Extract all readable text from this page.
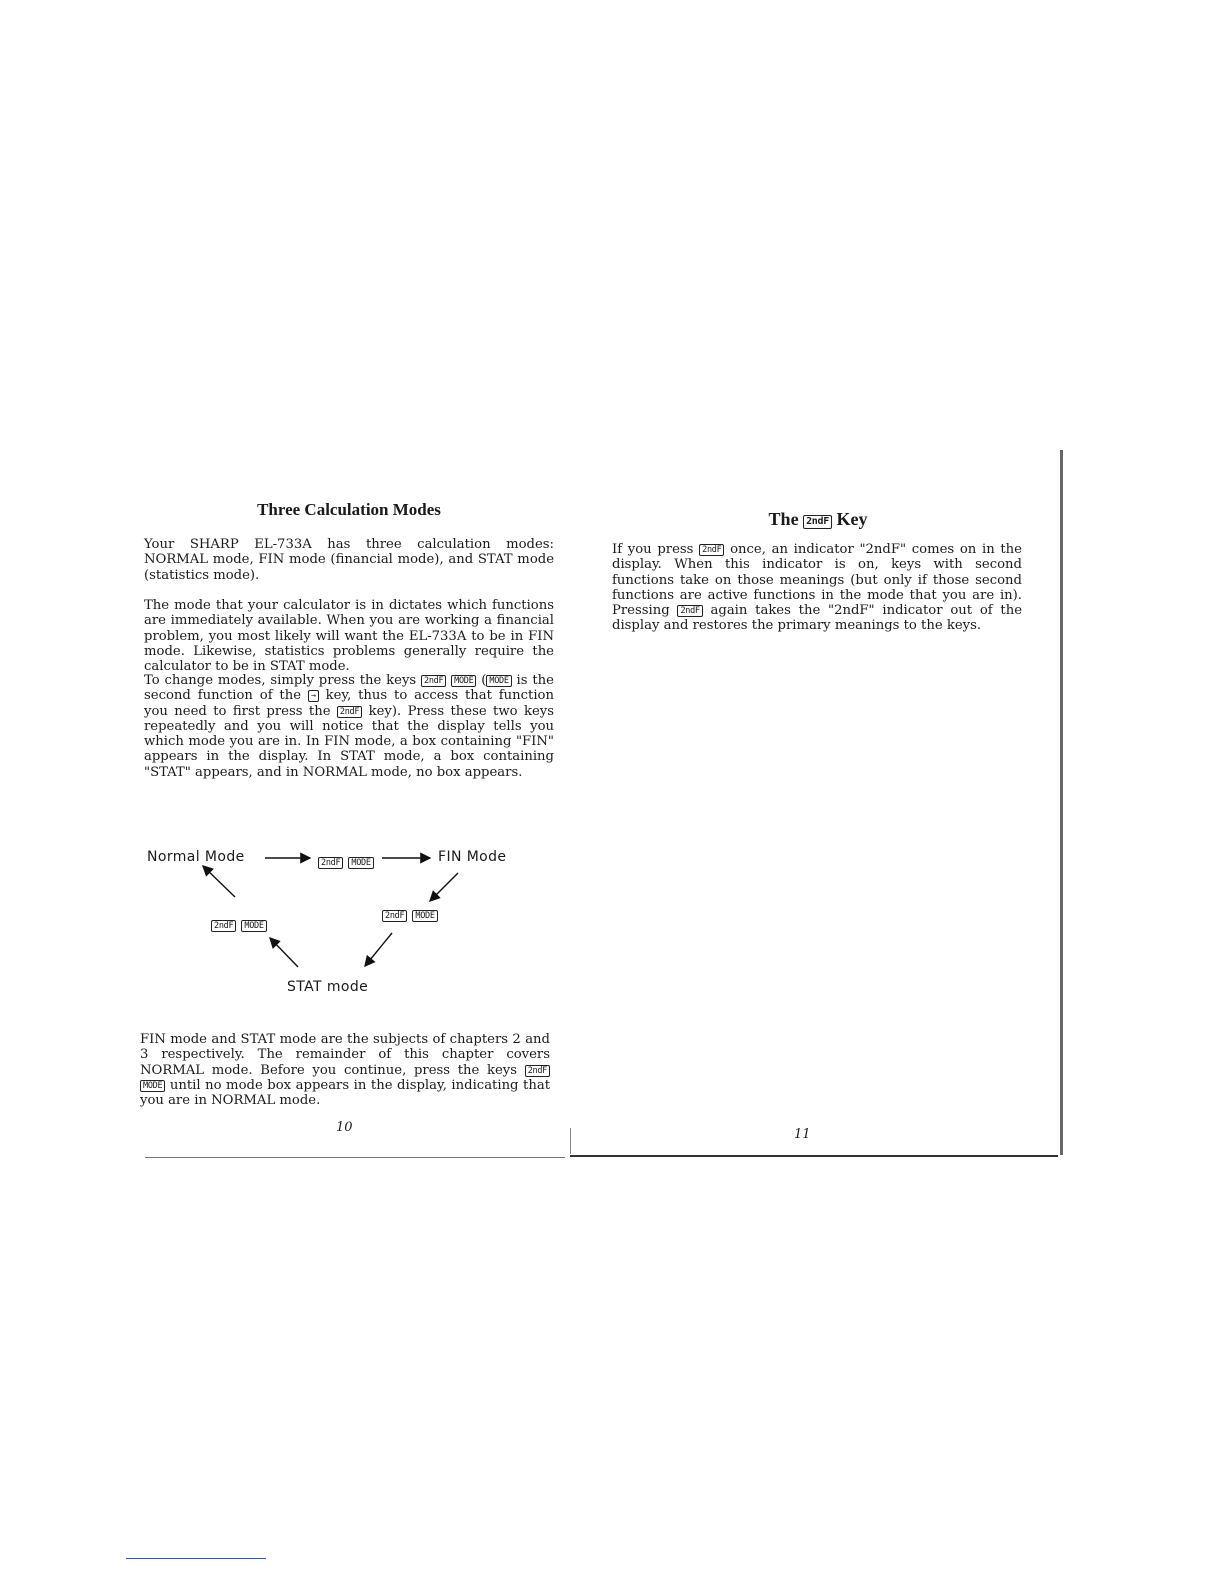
Three Calculation Modes

Your SHARP EL-733A has three calculation modes: NORMAL mode, FIN mode (financial mode), and STAT mode (statistics mode).

The mode that your calculator is in dictates which functions are immediately available. When you are working a financial problem, you most likely will want the EL-733A to be in FIN mode. Likewise, statistics problems generally require the calculator to be in STAT mode.

To change modes, simply press the keys 2ndF MODE ( MODE is the second function of the → key, thus to access that function you need to first press the 2ndF key). Press these two keys repeatedly and you will notice that the display tells you which mode you are in. In FIN mode, a box containing "FIN" appears in the display. In STAT mode, a box containing "STAT" appears, and in NORMAL mode, no box appears.

Normal Mode	2ndF MODE	FIN Mode
2ndF MODE
2ndF MODE
STAT mode

FIN mode and STAT mode are the subjects of chapters 2 and 3 respectively. The remainder of this chapter covers NORMAL mode. Before you continue, press the keys 2ndF MODE until no mode box appears in the display, indicating that you are in NORMAL mode.

10
The 2ndF Key

If you press 2ndF once, an indicator "2ndF" comes on in the display. When this indicator is on, keys with second functions take on those meanings (but only if those second functions are active functions in the mode that you are in). Pressing 2ndF again takes the "2ndF" indicator out of the display and restores the primary meanings to the keys.

11
